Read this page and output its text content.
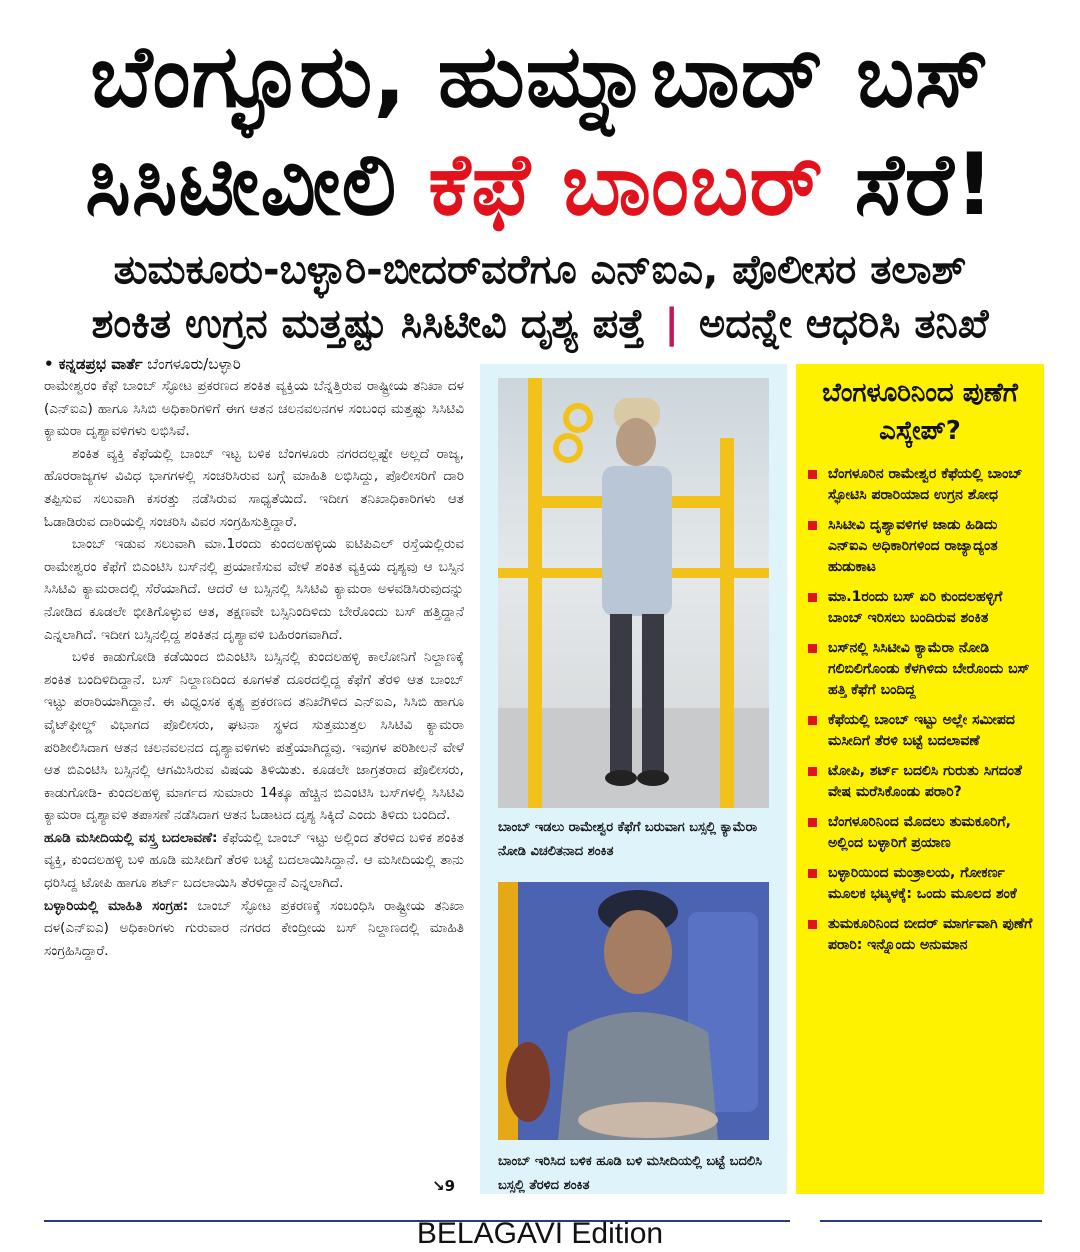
ಬೆಂಗ್ಳೂರು, ಹುಮ್ನಾಬಾದ್ ಬಸ್
ಸಿಸಿಟೀವೀಲಿ ಕೆಫೆ ಬಾಂಬರ್ ಸೆರೆ!
ತುಮಕೂರು-ಬಳ್ಳಾರಿ-ಬೀದರ್‌ವರೆಗೂ ಎನ್‌ಐಎ, ಪೊಲೀಸರ ತಲಾಶ್
ಶಂಕಿತ ಉಗ್ರನ ಮತ್ತಷ್ಟು ಸಿಸಿಟೀವಿ ದೃಶ್ಯ ಪತ್ತೆ | ಅದನ್ನೇ ಆಧರಿಸಿ ತನಿಖೆ
• ಕನ್ನಡಪ್ರಭ ವಾರ್ತೆ ಬೆಂಗಳೂರು/ಬಳ್ಳಾರಿ

ರಾಮೇಶ್ವರಂ ಕೆಫೆ ಬಾಂಬ್ ಸ್ಫೋಟ ಪ್ರಕರಣದ ಶಂಕಿತ ವ್ಯಕ್ತಿಯ ಬೆನ್ನತ್ತಿರುವ ರಾಷ್ಟ್ರೀಯ ತನಿಖಾ ದಳ (ಎನ್‌ಐಎ) ಹಾಗೂ ಸಿಸಿಬಿ ಅಧಿಕಾರಿಗಳಿಗೆ ಈಗ ಆತನ ಚಲನವಲನಗಳ ಸಂಬಂಧ ಮತ್ತಷ್ಟು ಸಿಸಿಟಿವಿ ಕ್ಯಾಮರಾ ದೃಶ್ಯಾವಳಿಗಳು ಲಭಿಸಿವೆ.

ಶಂಕಿತ ವ್ಯಕ್ತಿ ಕೆಫೆಯಲ್ಲಿ ಬಾಂಬ್ ಇಟ್ಟ ಬಳಿಕ ಬೆಂಗಳೂರು ನಗರದಲ್ಲಷ್ಟೇ ಅಲ್ಲದೆ ರಾಜ್ಯ, ಹೊರರಾಜ್ಯಗಳ ವಿವಿಧ ಭಾಗಗಳಲ್ಲಿ ಸಂಚರಿಸಿರುವ ಬಗ್ಗೆ ಮಾಹಿತಿ ಲಭಿಸಿದ್ದು, ಪೊಲೀಸರಿಗೆ ದಾರಿ ತಪ್ಪಿಸುವ ಸಲುವಾಗಿ ಕಸರತ್ತು ನಡೆಸಿರುವ ಸಾಧ್ಯತೆಯಿದೆ. ಇದೀಗ ತನಿಖಾಧಿಕಾರಿಗಳು ಆತ ಓಡಾಡಿರುವ ದಾರಿಯಲ್ಲಿ ಸಂಚರಿಸಿ ವಿವರ ಸಂಗ್ರಹಿಸುತ್ತಿದ್ದಾರೆ.

ಬಾಂಬ್ ಇಡುವ ಸಲುವಾಗಿ ಮಾ.1ರಂದು ಕುಂದಲಹಳ್ಳಿಯ ಐಟಿಪಿಎಲ್ ರಸ್ತೆಯಲ್ಲಿರುವ ರಾಮೇಶ್ವರಂ ಕೆಫೆಗೆ ಬಿಎಂಟಿಸಿ ಬಸ್‌ನಲ್ಲಿ ಪ್ರಯಾಣಿಸುವ ವೇಳೆ ಶಂಕಿತ ವ್ಯಕ್ತಿಯ ದೃಶ್ಯವು ಆ ಬಸ್ಸಿನ ಸಿಸಿಟಿವಿ ಕ್ಯಾಮರಾದಲ್ಲಿ ಸೆರೆಯಾಗಿದೆ. ಆದರೆ ಆ ಬಸ್ಸಿನಲ್ಲಿ ಸಿಸಿಟಿವಿ ಕ್ಯಾಮರಾ ಅಳವಡಿಸಿರುವುದನ್ನು ನೋಡಿದ ಕೂಡಲೇ ಭೀತಿಗೊಳ್ಳುವ ಆತ, ತಕ್ಷಣವೇ ಬಸ್ಸಿನಿಂದಿಳಿದು ಬೇರೊಂದು ಬಸ್ ಹತ್ತಿದ್ದಾನೆ ಎನ್ನಲಾಗಿದೆ. ಇದೀಗ ಬಸ್ಸಿನಲ್ಲಿದ್ದ ಶಂಕಿತನ ದೃಶ್ಯಾವಳಿ ಬಹಿರಂಗವಾಗಿದೆ.

ಬಳಿಕ ಕಾಡುಗೋಡಿ ಕಡೆಯಿಂದ ಬಿಎಂಟಿಸಿ ಬಸ್ಸಿನಲ್ಲಿ ಕುಂದಲಹಳ್ಳಿ ಕಾಲೋನಿಗೆ ನಿಲ್ದಾಣಕ್ಕೆ ಶಂಕಿತ ಬಂದಿಳಿದಿದ್ದಾನೆ. ಬಸ್ ನಿಲ್ದಾಣದಿಂದ ಕೂಗಳತೆ ದೂರದಲ್ಲಿದ್ದ ಕೆಫೆಗೆ ತೆರಳಿ ಆತ ಬಾಂಬ್ ಇಟ್ಟು ಪರಾರಿಯಾಗಿದ್ದಾನೆ. ಈ ವಿಧ್ವಂಸಕ ಕೃತ್ಯ ಪ್ರಕರಣದ ತನಿಖೆಗಿಳಿದ ಎನ್‌ಐಎ, ಸಿಸಿಬಿ ಹಾಗೂ ವೈಟ್‌ಫೀಲ್ಡ್ ವಿಭಾಗದ ಪೊಲೀಸರು, ಘಟನಾ ಸ್ಥಳದ ಸುತ್ತಮುತ್ತಲ ಸಿಸಿಟಿವಿ ಕ್ಯಾಮರಾ ಪರಿಶೀಲಿಸಿದಾಗ ಆತನ ಚಲನವಲನದ ದೃಶ್ಯಾವಳಿಗಳು ಪತ್ತೆಯಾಗಿದ್ದವು. ಇವುಗಳ ಪರಿಶೀಲನೆ ವೇಳೆ ಆತ ಬಿಎಂಟಿಸಿ ಬಸ್ಸಿನಲ್ಲಿ ಆಗಮಿಸಿರುವ ವಿಷಯ ತಿಳಿಯಿತು. ಕೂಡಲೇ ಜಾಗ್ರತರಾದ ಪೊಲೀಸರು, ಕಾಡುಗೋಡಿ- ಕುಂದಲಹಳ್ಳಿ ಮಾರ್ಗದ ಸುಮಾರು 14ಕ್ಕೂ ಹೆಚ್ಚಿನ ಬಿಎಂಟಿಸಿ ಬಸ್‌ಗಳಲ್ಲಿ ಸಿಸಿಟಿವಿ ಕ್ಯಾಮರಾ ದೃಶ್ಯಾವಳಿ ತಪಾಸಣೆ ನಡೆಸಿದಾಗ ಆತನ ಓಡಾಟದ ದೃಶ್ಯ ಸಿಕ್ಕಿದೆ ಎಂದು ತಿಳಿದು ಬಂದಿದೆ.

ಹೂಡಿ ಮಸೀದಿಯಲ್ಲಿ ವಸ್ತ್ರ ಬದಲಾವಣೆ: ಕೆಫೆಯಲ್ಲಿ ಬಾಂಬ್ ಇಟ್ಟು ಅಲ್ಲಿಂದ ತೆರಳಿದ ಬಳಿಕ ಶಂಕಿತ ವ್ಯಕ್ತಿ, ಕುಂದಲಹಳ್ಳಿ ಬಳಿ ಹೂಡಿ ಮಸೀದಿಗೆ ತೆರಳಿ ಬಟ್ಟೆ ಬದಲಾಯಿಸಿದ್ದಾನೆ. ಆ ಮಸೀದಿಯಲ್ಲಿ ತಾನು ಧರಿಸಿದ್ದ ಟೋಪಿ ಹಾಗೂ ಶರ್ಟ್ ಬದಲಾಯಿಸಿ ತೆರಳಿದ್ದಾನೆ ಎನ್ನಲಾಗಿದೆ.

ಬಳ್ಳಾರಿಯಲ್ಲಿ ಮಾಹಿತಿ ಸಂಗ್ರಹ: ಬಾಂಬ್ ಸ್ಫೋಟ ಪ್ರಕರಣಕ್ಕೆ ಸಂಬಂಧಿಸಿ ರಾಷ್ಟ್ರೀಯ ತನಿಖಾ ದಳ(ಎನ್‌ಐಎ) ಅಧಿಕಾರಿಗಳು ಗುರುವಾರ ನಗರದ ಕೇಂದ್ರೀಯ ಬಸ್ ನಿಲ್ದಾಣದಲ್ಲಿ ಮಾಹಿತಿ ಸಂಗ್ರಹಿಸಿದ್ದಾರೆ.

↘9
ಬಾಂಬ್ ಇಡಲು ರಾಮೇಶ್ವರ ಕೆಫೆಗೆ ಬರುವಾಗ ಬಸ್ಸಲ್ಲಿ ಕ್ಯಾಮೆರಾ ನೋಡಿ ವಿಚಲಿತನಾದ ಶಂಕಿತ
ಬಾಂಬ್ ಇರಿಸಿದ ಬಳಿಕ ಹೂಡಿ ಬಳಿ ಮಸೀದಿಯಲ್ಲಿ ಬಟ್ಟೆ ಬದಲಿಸಿ ಬಸ್ಸಲ್ಲಿ ತೆರಳಿದ ಶಂಕಿತ
ಬೆಂಗಳೂರಿನಿಂದ ಪುಣೆಗೆ ಎಸ್ಕೇಪ್?
ಬೆಂಗಳೂರಿನ ರಾಮೇಶ್ವರ ಕೆಫೆಯಲ್ಲಿ ಬಾಂಬ್ ಸ್ಫೋಟಿಸಿ ಪರಾರಿಯಾದ ಉಗ್ರನ ಶೋಧ
ಸಿಸಿಟೀವಿ ದೃಶ್ಯಾವಳಿಗಳ ಜಾಡು ಹಿಡಿದು ಎನ್‌ಐಎ ಅಧಿಕಾರಿಗಳಿಂದ ರಾಜ್ಯಾದ್ಯಂತ ಹುಡುಕಾಟ
ಮಾ.1ರಂದು ಬಸ್ ಏರಿ ಕುಂದಲಹಳ್ಳಿಗೆ ಬಾಂಬ್ ಇರಿಸಲು ಬಂದಿರುವ ಶಂಕಿತ
ಬಸ್‌ನಲ್ಲಿ ಸಿಸಿಟೀವಿ ಕ್ಯಾಮೆರಾ ನೋಡಿ ಗಲಿಬಿಲಿಗೊಂಡು ಕೆಳಗಿಳಿದು ಬೇರೊಂದು ಬಸ್ ಹತ್ತಿ ಕೆಫೆಗೆ ಬಂದಿದ್ದ
ಕೆಫೆಯಲ್ಲಿ ಬಾಂಬ್ ಇಟ್ಟು ಅಲ್ಲೇ ಸಮೀಪದ ಮಸೀದಿಗೆ ತೆರಳಿ ಬಟ್ಟೆ ಬದಲಾವಣೆ
ಟೋಪಿ, ಶರ್ಟ್ ಬದಲಿಸಿ ಗುರುತು ಸಿಗದಂತೆ ವೇಷ ಮರೆಸಿಕೊಂಡು ಪರಾರಿ?
ಬೆಂಗಳೂರಿನಿಂದ ಮೊದಲು ತುಮಕೂರಿಗೆ, ಅಲ್ಲಿಂದ ಬಳ್ಳಾರಿಗೆ ಪ್ರಯಾಣ
ಬಳ್ಳಾರಿಯಿಂದ ಮಂತ್ರಾಲಯ, ಗೋಕರ್ಣ ಮೂಲಕ ಭಟ್ಕಳಕ್ಕೆ: ಒಂದು ಮೂಲದ ಶಂಕೆ
ತುಮಕೂರಿನಿಂದ ಬೀದರ್ ಮಾರ್ಗವಾಗಿ ಪುಣೆಗೆ ಪರಾರಿ: ಇನ್ನೊಂದು ಅನುಮಾನ
BELAGAVI Edition
